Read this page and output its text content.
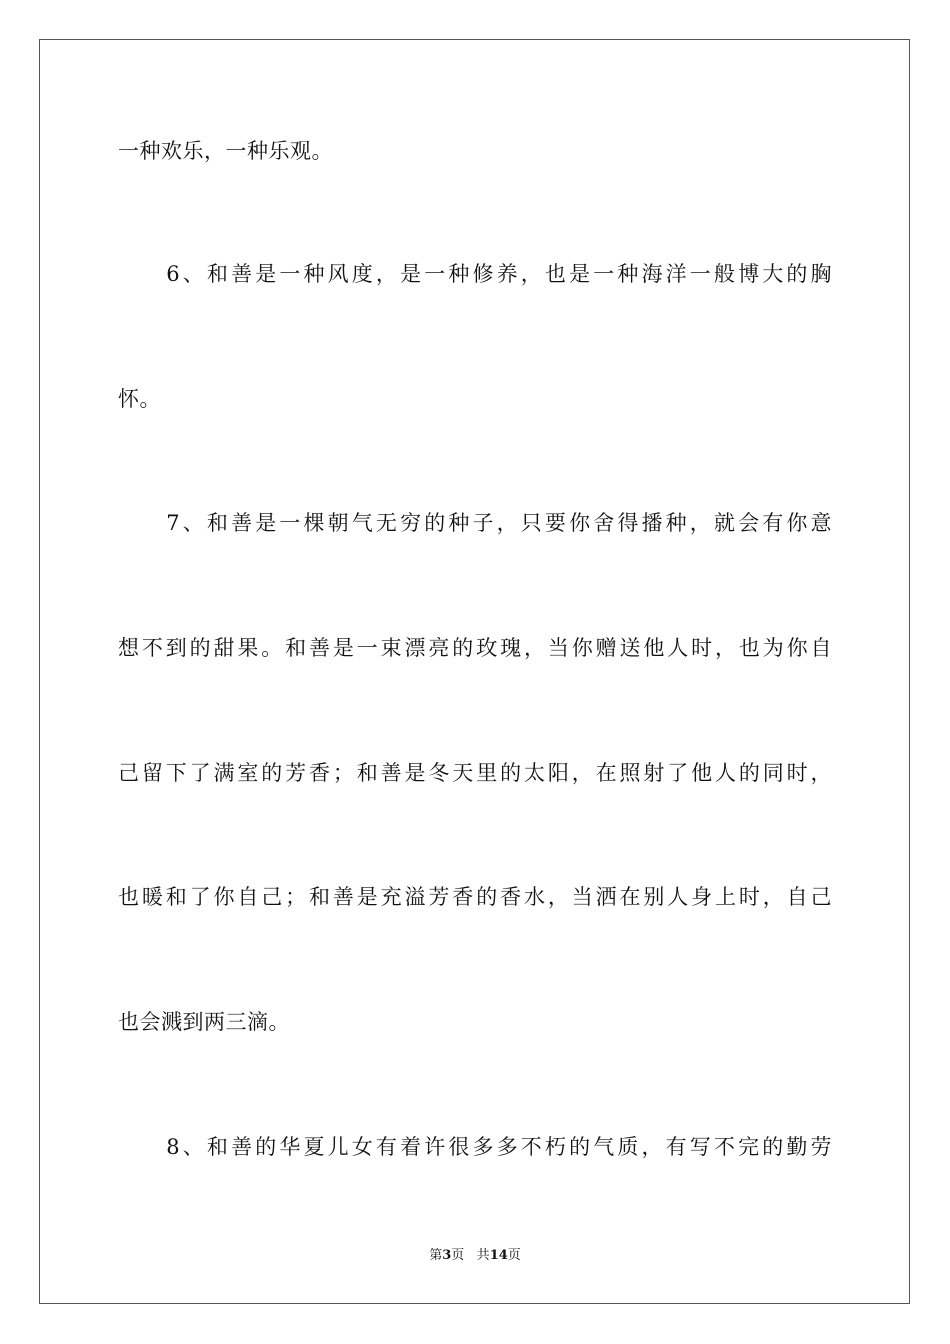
一种欢乐，一种乐观。
　　6、和善是一种风度，是一种修养，也是一种海洋一般博大的胸
怀。
　　7、和善是一棵朝气无穷的种子，只要你舍得播种，就会有你意
想不到的甜果。和善是一束漂亮的玫瑰，当你赠送他人时，也为你自
己留下了满室的芳香；和善是冬天里的太阳，在照射了他人的同时，
也暖和了你自己；和善是充溢芳香的香水，当洒在别人身上时，自己
也会溅到两三滴。
　　8、和善的华夏儿女有着许很多多不朽的气质，有写不完的勤劳
第3页 共14页
